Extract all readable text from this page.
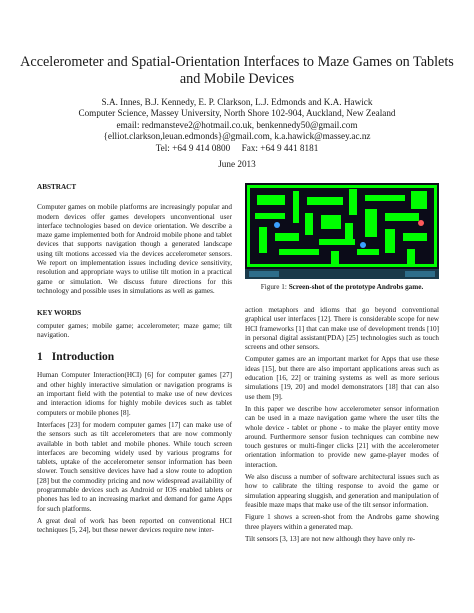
Accelerometer and Spatial-Orientation Interfaces to Maze Games on Tablets and Mobile Devices
S.A. Innes, B.J. Kennedy, E. P. Clarkson, L.J. Edmonds and K.A. Hawick
Computer Science, Massey University, North Shore 102-904, Auckland, New Zealand
email: redmansteve2@hotmail.co.uk, benkennedy50@gmail.com
{elliot.clarkson,leuan.edmonds}@gmail.com, k.a.hawick@massey.ac.nz
Tel: +64 9 414 0800     Fax: +64 9 441 8181
June 2013
ABSTRACT

Computer games on mobile platforms are increasingly popular and modern devices offer games developers unconventional user interface technologies based on device orientation. We describe a maze game implemented both for Android mobile phone and tablet devices that supports navigation though a generated landscape using tilt motions accessed via the devices accelerometer sensors. We report on implementation issues including device sensitivity, resolution and appropriate ways to utilise tilt motion in a practical game or simulation. We discuss future directions for this technology and possible uses in simulations as well as games.

KEY WORDS

computer games; mobile game; accelerometer; maze game; tilt navigation.

1 Introduction

Human Computer Interaction(HCI) [6] for computer games [27] and other highly interactive simulation or navigation programs is an important field with the potential to make use of new devices and interaction idioms for highly mobile devices such as tablet computers or mobile phones [8].

Interfaces [23] for modern computer games [17] can make use of the sensors such as tilt accelerometers that are now commonly available in both tablet and mobile phones. While touch screen interfaces are becoming widely used by various programs for tablets, uptake of the accelerometer sensor information has been slower. Touch sensitive devices have had a slow route to adoption [28] but the commodity pricing and now widespread availability of programmable devices such as Android or IOS enabled tablets or phones has led to an increasing market and demand for game Apps for such platforms.

A great deal of work has been reported on conventional HCI techniques [5, 24], but these newer devices require new inter-

Figure 1: Screen-shot of the prototype Androbs game.

action metaphors and idioms that go beyond conventional graphical user interfaces [12]. There is considerable scope for new HCI frameworks [1] that can make use of development trends [10] in personal digital assistant(PDA) [25] technologies such as touch screens and other sensors.

Computer games are an important market for Apps that use these ideas [15], but there are also important applications areas such as education [16, 22] or training systems as well as more serious simulations [19, 20] and model demonstrators [18] that can also use them [9].

In this paper we describe how accelerometer sensor information can be used in a maze navigation game where the user tilts the whole device - tablet or phone - to make the player entity move around. Furthermore sensor fusion techniques can combine new touch gestures or multi-finger clicks [21] with the accelerometer orientation information to provide new game-player modes of interaction.

We also discuss a number of software architectural issues such as how to calibrate the tilting response to avoid the game or simulation appearing sluggish, and generation and manipulation of feasible maze maps that make use of the tilt sensor information.

Figure 1 shows a screen-shot from the Androbs game showing three players within a generated map.

Tilt sensors [3, 13] are not new although they have only re-
